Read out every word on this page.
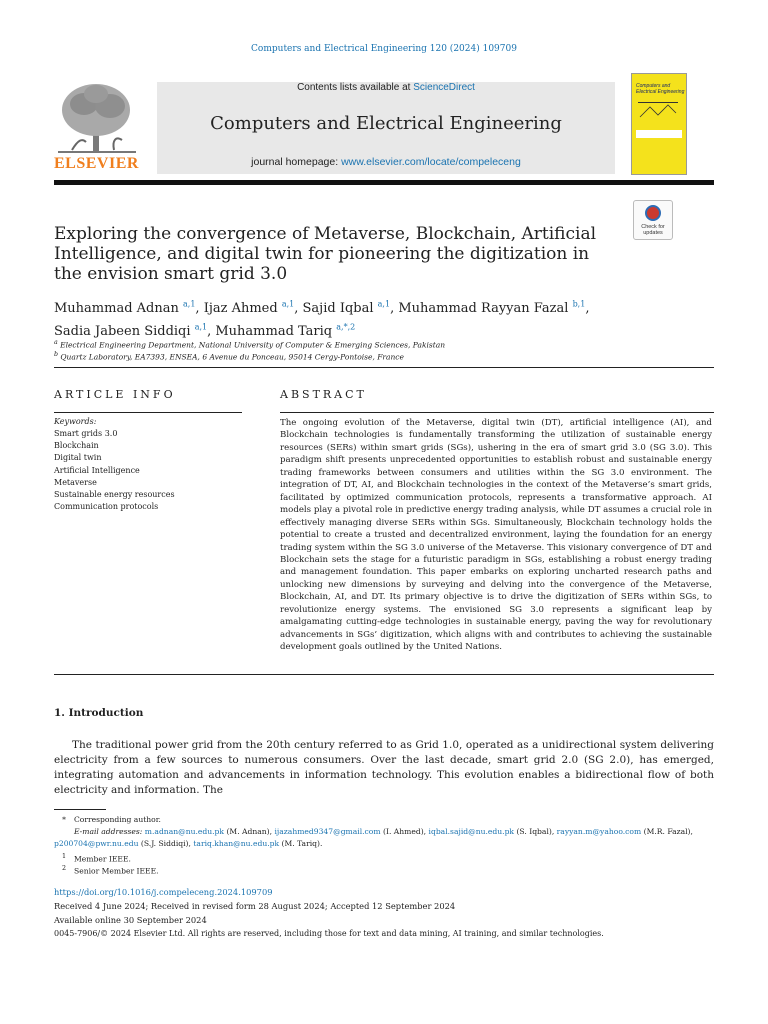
Computers and Electrical Engineering 120 (2024) 109709
ELSEVIER
Contents lists available at ScienceDirect
Computers and Electrical Engineering
journal homepage: www.elsevier.com/locate/compeleceng
Computers and Electrical Engineering
Check for updates
Exploring the convergence of Metaverse, Blockchain, Artificial Intelligence, and digital twin for pioneering the digitization in the envision smart grid 3.0
Muhammad Adnan $^{a,1}$, Ijaz Ahmed $^{a,1}$, Sajid Iqbal $^{a,1}$, Muhammad Rayyan Fazal $^{b,1}$,
Sadia Jabeen Siddiqi $^{a,1}$, Muhammad Tariq $^{a,*,2}$
$^a$ Electrical Engineering Department, National University of Computer & Emerging Sciences, Pakistan
$^b$ Quartz Laboratory, EA7393, ENSEA, 6 Avenue du Ponceau, 95014 Cergy-Pontoise, France
ARTICLE INFO
Keywords:
Smart grids 3.0
Blockchain
Digital twin
Artificial Intelligence
Metaverse
Sustainable energy resources
Communication protocols
ABSTRACT
The ongoing evolution of the Metaverse, digital twin (DT), artificial intelligence (AI), and Blockchain technologies is fundamentally transforming the utilization of sustainable energy resources (SERs) within smart grids (SGs), ushering in the era of smart grid 3.0 (SG 3.0). This paradigm shift presents unprecedented opportunities to establish robust and sustainable energy trading frameworks between consumers and utilities within the SG 3.0 environment. The integration of DT, AI, and Blockchain technologies in the context of the Metaverse’s smart grids, facilitated by optimized communication protocols, represents a transformative approach. AI models play a pivotal role in predictive energy trading analysis, while DT assumes a crucial role in effectively managing diverse SERs within SGs. Simultaneously, Blockchain technology holds the potential to create a trusted and decentralized environment, laying the foundation for an energy trading system within the SG 3.0 universe of the Metaverse. This visionary convergence of DT and Blockchain sets the stage for a futuristic paradigm in SGs, establishing a robust energy trading and management foundation. This paper embarks on exploring uncharted research paths and unlocking new dimensions by surveying and delving into the convergence of the Metaverse, Blockchain, AI, and DT. Its primary objective is to drive the digitization of SERs within SGs, to revolutionize energy systems. The envisioned SG 3.0 represents a significant leap by amalgamating cutting-edge technologies in sustainable energy, paving the way for revolutionary advancements in SGs’ digitization, which aligns with and contributes to achieving the sustainable development goals outlined by the United Nations.
1. Introduction
The traditional power grid from the 20th century referred to as Grid 1.0, operated as a unidirectional system delivering electricity from a few sources to numerous consumers. Over the last decade, smart grid 2.0 (SG 2.0), has emerged, integrating automation and advancements in information technology. This evolution enables a bidirectional flow of both electricity and information. The
* Corresponding author.
E-mail addresses: m.adnan@nu.edu.pk (M. Adnan), ijazahmed9347@gmail.com (I. Ahmed), iqbal.sajid@nu.edu.pk (S. Iqbal), rayyan.m@yahoo.com (M.R. Fazal), p200704@pwr.nu.edu (S.J. Siddiqi), tariq.khan@nu.edu.pk (M. Tariq).
$^1$ Member IEEE.
$^2$ Senior Member IEEE.
https://doi.org/10.1016/j.compeleceng.2024.109709
Received 4 June 2024; Received in revised form 28 August 2024; Accepted 12 September 2024
Available online 30 September 2024
0045-7906/© 2024 Elsevier Ltd. All rights are reserved, including those for text and data mining, AI training, and similar technologies.
